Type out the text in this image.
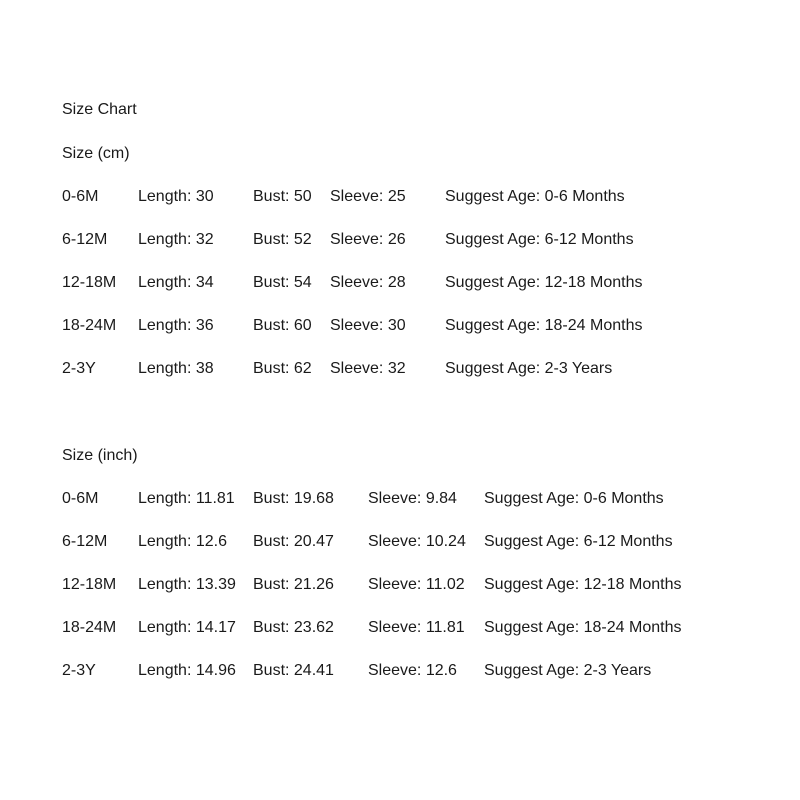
Size Chart
Size (cm)
0-6M Length: 30 Bust: 50 Sleeve: 25 Suggest Age: 0-6 Months
6-12M Length: 32 Bust: 52 Sleeve: 26 Suggest Age: 6-12 Months
12-18M Length: 34 Bust: 54 Sleeve: 28 Suggest Age: 12-18 Months
18-24M Length: 36 Bust: 60 Sleeve: 30 Suggest Age: 18-24 Months
2-3Y	Length: 38 Bust: 62 Sleeve: 32 Suggest Age: 2-3 Years
Size (inch)
0-6M Length: 11.81 Bust: 19.68 Sleeve: 9.84 Suggest Age: 0-6 Months
6-12M Length: 12.6 Bust: 20.47 Sleeve: 10.24 Suggest Age: 6-12 Months
12-18M Length: 13.39 Bust: 21.26 Sleeve: 11.02 Suggest Age: 12-18 Months
18-24M Length: 14.17 Bust: 23.62 Sleeve: 11.81 Suggest Age: 18-24 Months
2-3Y	Length: 14.96 Bust: 24.41 Sleeve: 12.6 Suggest Age: 2-3 Years
